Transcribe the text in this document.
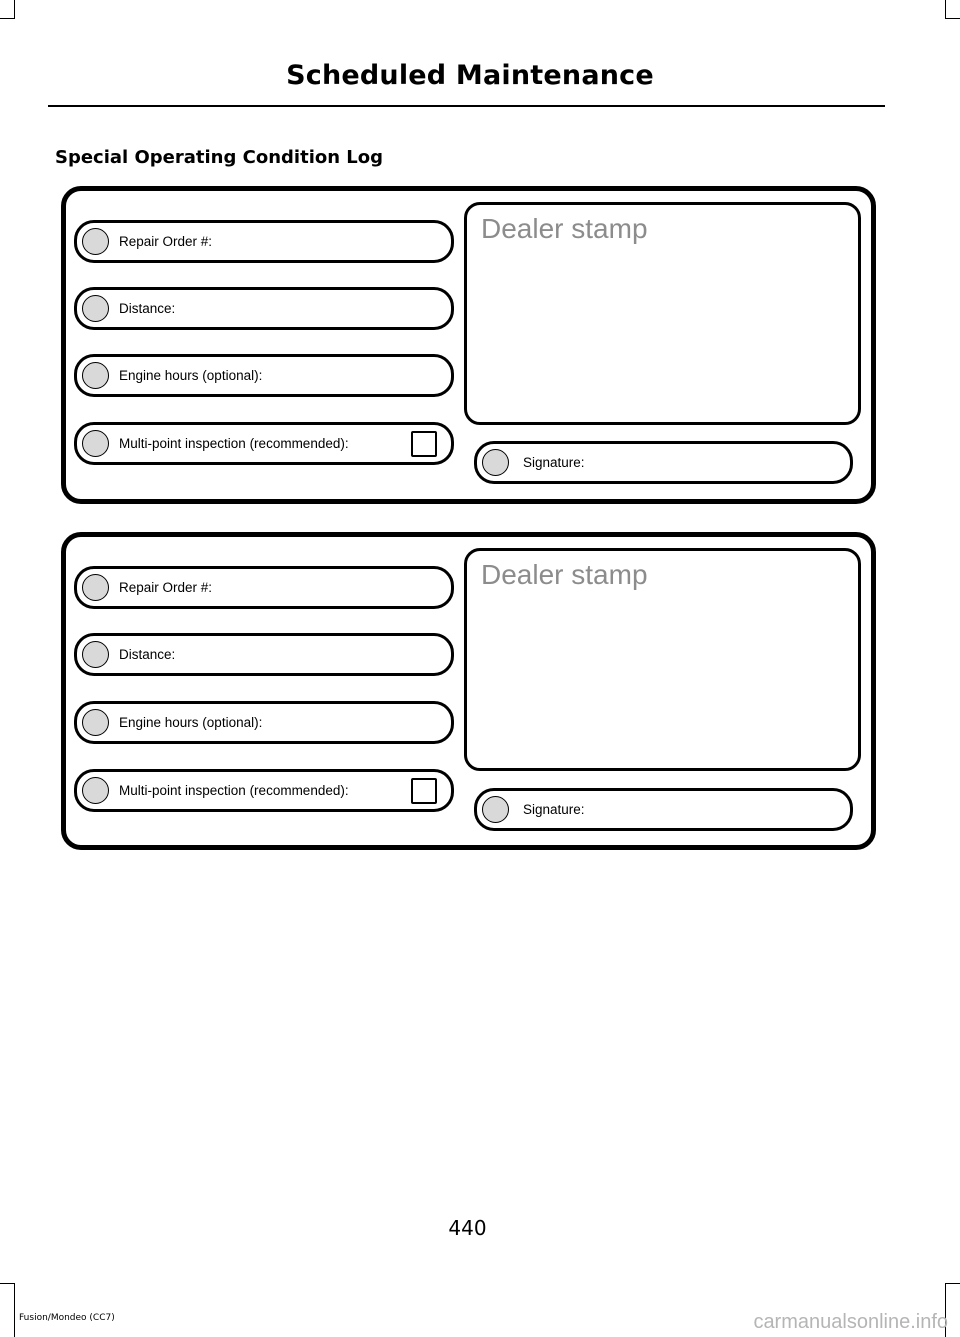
Scheduled Maintenance
Special Operating Condition Log
Repair Order #:
Distance:
Engine hours (optional):
Multi-point inspection (recommended):
Dealer stamp
Signature:
Repair Order #:
Distance:
Engine hours (optional):
Multi-point inspection (recommended):
Dealer stamp
Signature:
440
Fusion/Mondeo (CC7)	carmanualsonline.info
